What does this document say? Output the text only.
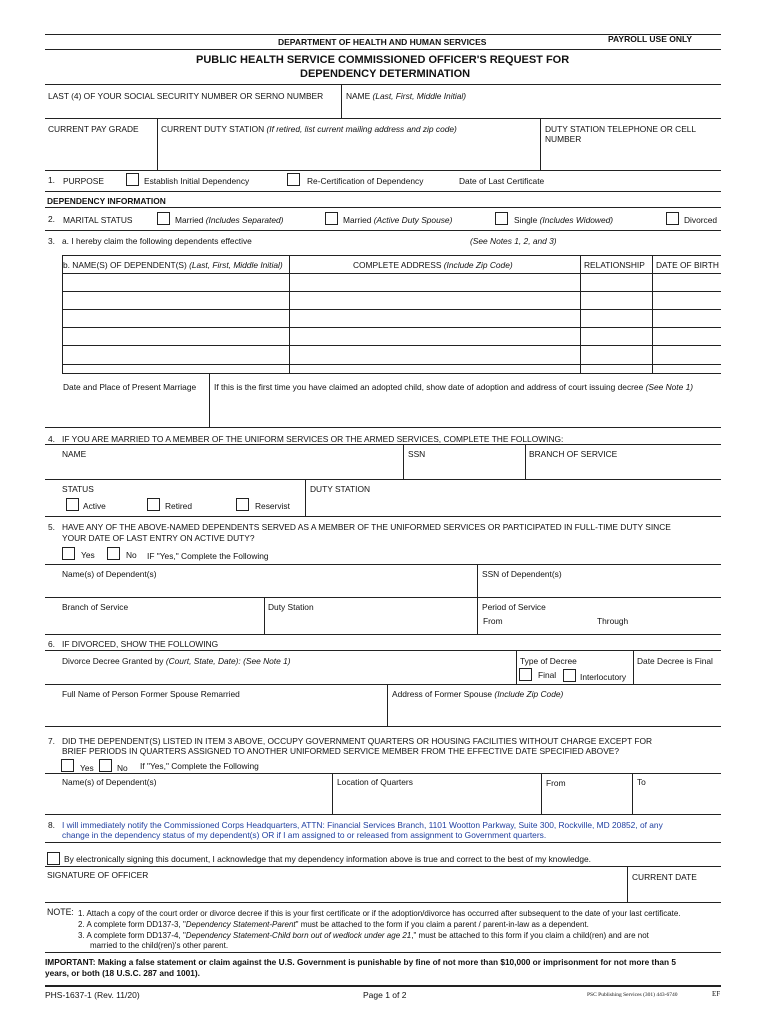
PAYROLL USE ONLY
DEPARTMENT OF HEALTH AND HUMAN SERVICES
PUBLIC HEALTH SERVICE COMMISSIONED OFFICER'S REQUEST FOR
DEPENDENCY DETERMINATION
LAST (4) OF YOUR SOCIAL SECURITY NUMBER OR SERNO NUMBER	NAME (Last, First, Middle Initial)
CURRENT PAY GRADE	CURRENT DUTY STATION (If retired, list current mailing address and zip code)	DUTY STATION TELEPHONE OR CELL
NUMBER
1. PURPOSE	Establish Initial Dependency	Re-Certification of Dependency	Date of Last Certificate
DEPENDENCY INFORMATION
2. MARITAL STATUS	Married (Includes Separated)	Married (Active Duty Spouse)	Single (Includes Widowed)	Divorced
3. a. I hereby claim the following dependents effective	(See Notes 1, 2, and 3)
b. NAME(S) OF DEPENDENT(S) (Last, First, Middle Initial)	COMPLETE ADDRESS (Include Zip Code)	RELATIONSHIP DATE OF BIRTH
Date and Place of Present Marriage If this is the first time you have claimed an adopted child, show date of adoption and address of court issuing decree (See Note 1)
4. IF YOU ARE MARRIED TO A MEMBER OF THE UNIFORM SERVICES OR THE ARMED SERVICES, COMPLETE THE FOLLOWING:
NAME	SSN	BRANCH OF SERVICE
STATUS	DUTY STATION
Active	Retired	Reservist
5. HAVE ANY OF THE ABOVE-NAMED DEPENDENTS SERVED AS A MEMBER OF THE UNIFORMED SERVICES OR PARTICIPATED IN FULL-TIME DUTY SINCE
YOUR DATE OF LAST ENTRY ON ACTIVE DUTY?
Yes	No IF "Yes," Complete the Following
Name(s) of Dependent(s)	SSN of Dependent(s)
Branch of Service	Duty Station	Period of Service
From	Through
6. IF DIVORCED, SHOW THE FOLLOWING
Divorce Decree Granted by (Court, State, Date): (See Note 1)	Type of Decree	Date Decree is Final
Final	Interlocutory
Full Name of Person Former Spouse Remarried	Address of Former Spouse (Include Zip Code)
7. DID THE DEPENDENT(S) LISTED IN ITEM 3 ABOVE, OCCUPY GOVERNMENT QUARTERS OR HOUSING FACILITIES WITHOUT CHARGE EXCEPT FOR
BRIEF PERIODS IN QUARTERS ASSIGNED TO ANOTHER UNIFORMED SERVICE MEMBER FROM THE EFFECTIVE DATE SPECIFIED ABOVE?
Yes	No If "Yes," Complete the Following
Name(s) of Dependent(s)	Location of Quarters	From	To
8. I will immediately notify the Commissioned Corps Headquarters, ATTN: Financial Services Branch, 1101 Wootton Parkway, Suite 300, Rockville, MD 20852, of any
change in the dependency status of my dependent(s) OR if I am assigned to or released from assignment to Government quarters.
By electronically signing this document, I acknowledge that my dependency information above is true and correct to the best of my knowledge.
SIGNATURE OF OFFICER	CURRENT DATE
NOTE: 1. Attach a copy of the court order or divorce decree if this is your first certificate or if the adoption/divorce has occurred after subsequent to the date of your last certificate.
2. A complete form DD137-3, "Dependency Statement-Parent" must be attached to the form if you claim a parent / parent-in-law as a dependent.
3. A complete form DD137-4, "Dependency Statement-Child born out of wedlock under age 21," must be attached to this form if you claim a child(ren) and are not
married to the child(ren)'s other parent.
IMPORTANT: Making a false statement or claim against the U.S. Government is punishable by fine of not more than $10,000 or imprisonment for not more than 5
years, or both (18 U.S.C. 287 and 1001).
PHS-1637-1 (Rev. 11/20)	Page 1 of 2	PSC Publishing Services (301) 443-6740	EF
